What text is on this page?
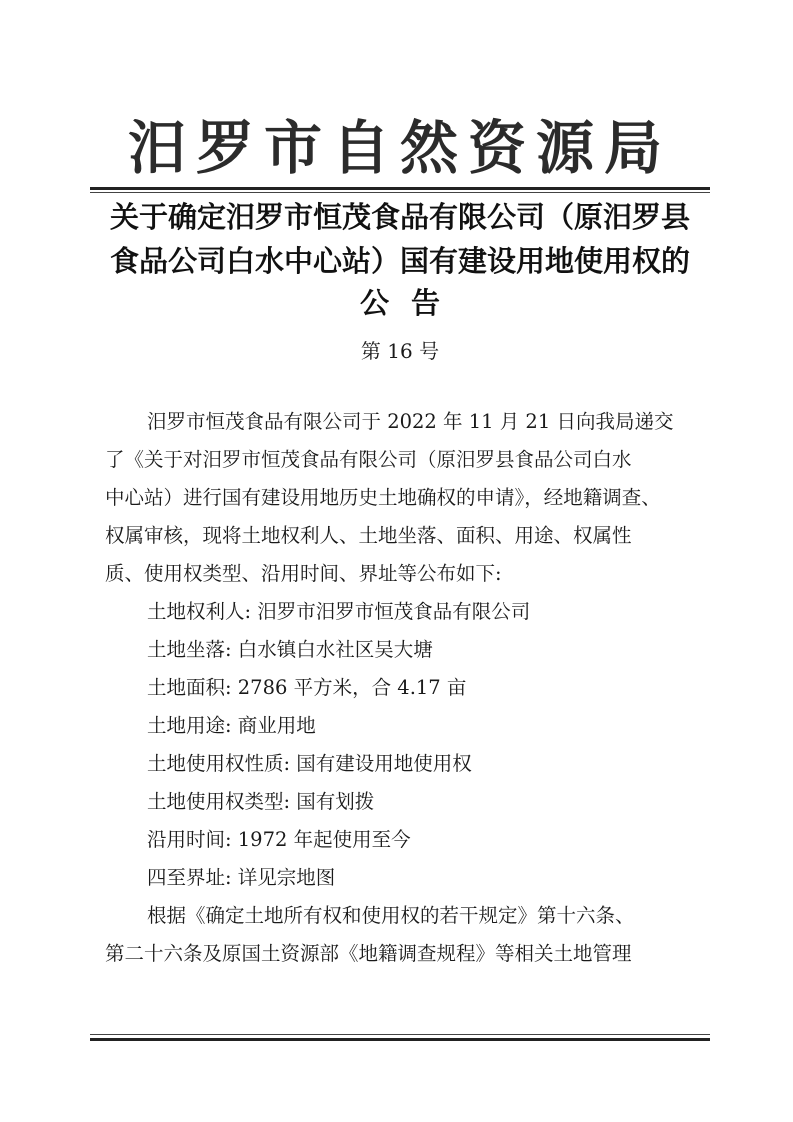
汨罗市自然资源局
关于确定汨罗市恒茂食品有限公司（原汨罗县
食品公司白水中心站）国有建设用地使用权的
公告
第 16 号
汨罗市恒茂食品有限公司于 2022 年 11 月 21 日向我局递交
了《关于对汨罗市恒茂食品有限公司（原汨罗县食品公司白水
中心站）进行国有建设用地历史土地确权的申请》，经地籍调查、
权属审核，现将土地权利人、土地坐落、面积、用途、权属性
质、使用权类型、沿用时间、界址等公布如下:
土地权利人: 汨罗市汨罗市恒茂食品有限公司
土地坐落: 白水镇白水社区吴大塘
土地面积: 2786 平方米，合 4.17 亩
土地用途: 商业用地
土地使用权性质: 国有建设用地使用权
土地使用权类型: 国有划拨
沿用时间: 1972 年起使用至今
四至界址: 详见宗地图
根据《确定土地所有权和使用权的若干规定》第十六条、
第二十六条及原国土资源部《地籍调查规程》等相关土地管理
